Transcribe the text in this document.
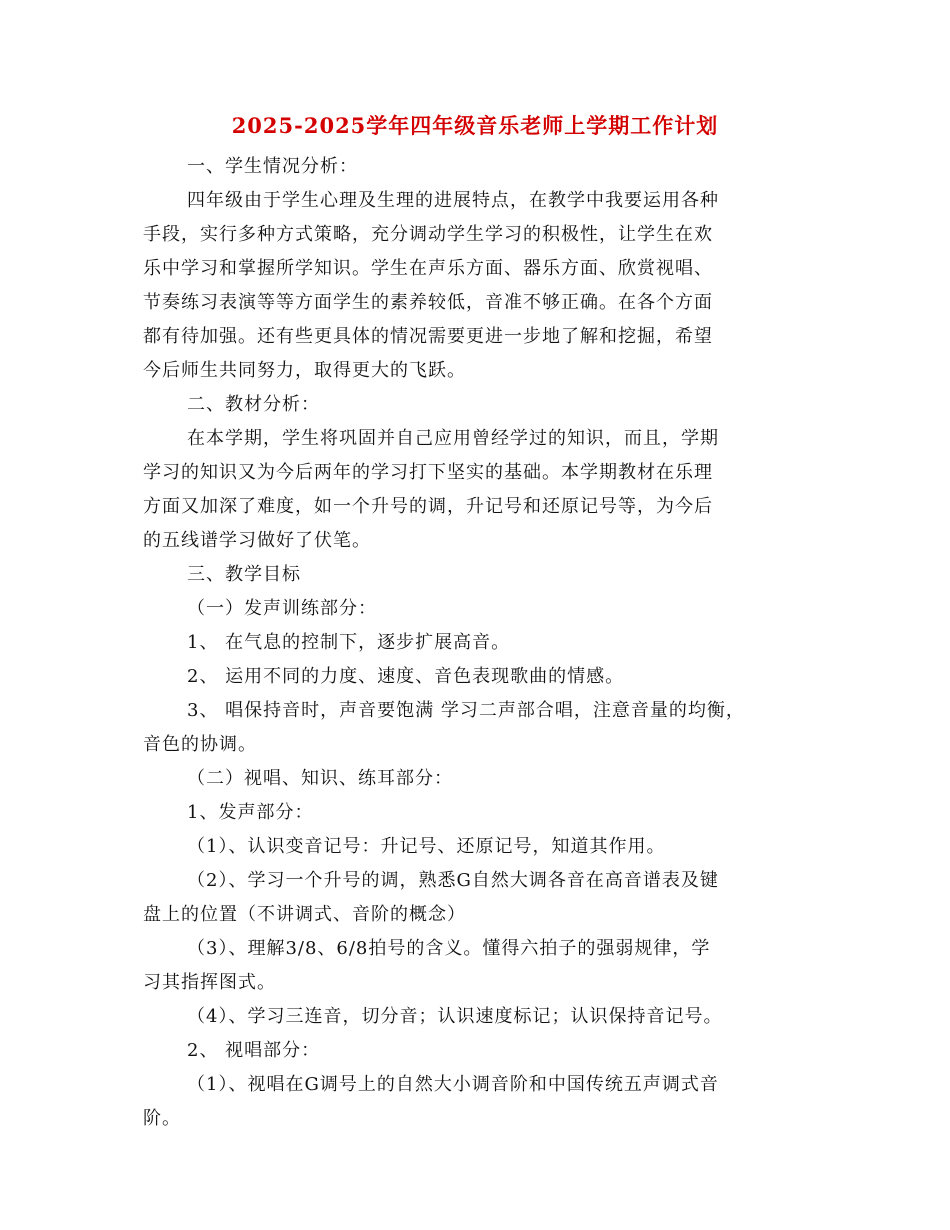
2025-2025学年四年级音乐老师上学期工作计划

一、学生情况分析：

四年级由于学生心理及生理的进展特点，在教学中我要运用各种

手段，实行多种方式策略，充分调动学生学习的积极性，让学生在欢

乐中学习和掌握所学知识。学生在声乐方面、器乐方面、欣赏视唱、

节奏练习表演等等方面学生的素养较低，音准不够正确。在各个方面

都有待加强。还有些更具体的情况需要更进一步地了解和挖掘，希望

今后师生共同努力，取得更大的飞跃。

二、教材分析：

在本学期，学生将巩固并自己应用曾经学过的知识，而且，学期

学习的知识又为今后两年的学习打下坚实的基础。本学期教材在乐理

方面又加深了难度，如一个升号的调，升记号和还原记号等，为今后

的五线谱学习做好了伏笔。

三、教学目标

（一）发声训练部分：

1、 在气息的控制下，逐步扩展高音。

2、 运用不同的力度、速度、音色表现歌曲的情感。

3、 唱保持音时，声音要饱满 学习二声部合唱，注意音量的均衡，

音色的协调。

（二）视唱、知识、练耳部分：

1、发声部分：

（1）、认识变音记号：升记号、还原记号，知道其作用。

（2）、学习一个升号的调，熟悉G自然大调各音在高音谱表及键

盘上的位置（不讲调式、音阶的概念）

（3）、理解3/8、6/8拍号的含义。懂得六拍子的强弱规律，学

习其指挥图式。

（4）、学习三连音，切分音；认识速度标记；认识保持音记号。

2、 视唱部分：

（1）、视唱在G调号上的自然大小调音阶和中国传统五声调式音

阶。
